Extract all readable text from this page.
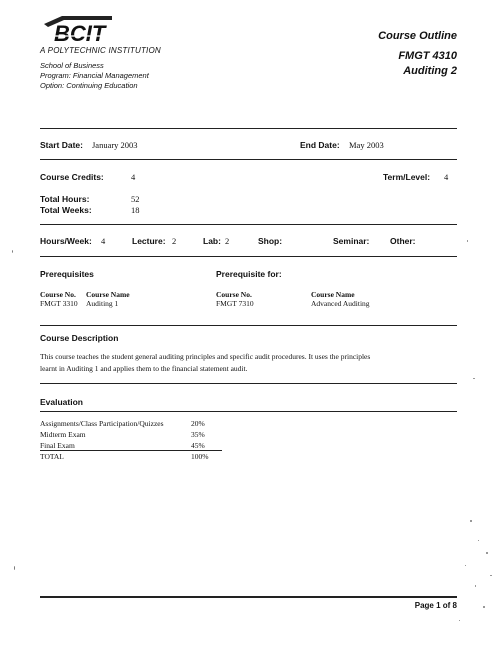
BCIT
A POLYTECHNIC INSTITUTION
School of Business
Program: Financial Management
Option: Continuing Education
Course Outline
FMGT 4310
Auditing 2
Start Date: January 2003	End Date: May 2003
Course Credits:	4	Term/Level: 4
Total Hours:	52
Total Weeks:	18
Hours/Week: 4	Lecture: 2	Lab: 2	Shop:	Seminar: Other:
Prerequisites
Course No. Course Name
FMGT 3310 Auditing 1
Prerequisite for:
Course No.	Course Name
FMGT 7310	Advanced Auditing
Course Description
This course teaches the student general auditing principles and specific audit procedures. It uses the principles
learnt in Auditing 1 and applies them to the financial statement audit.
Evaluation
Assignments/Class Participation/Quizzes	20%
Midterm Exam	35%
Final Exam	45%
TOTAL	100%
Page 1 of 8
